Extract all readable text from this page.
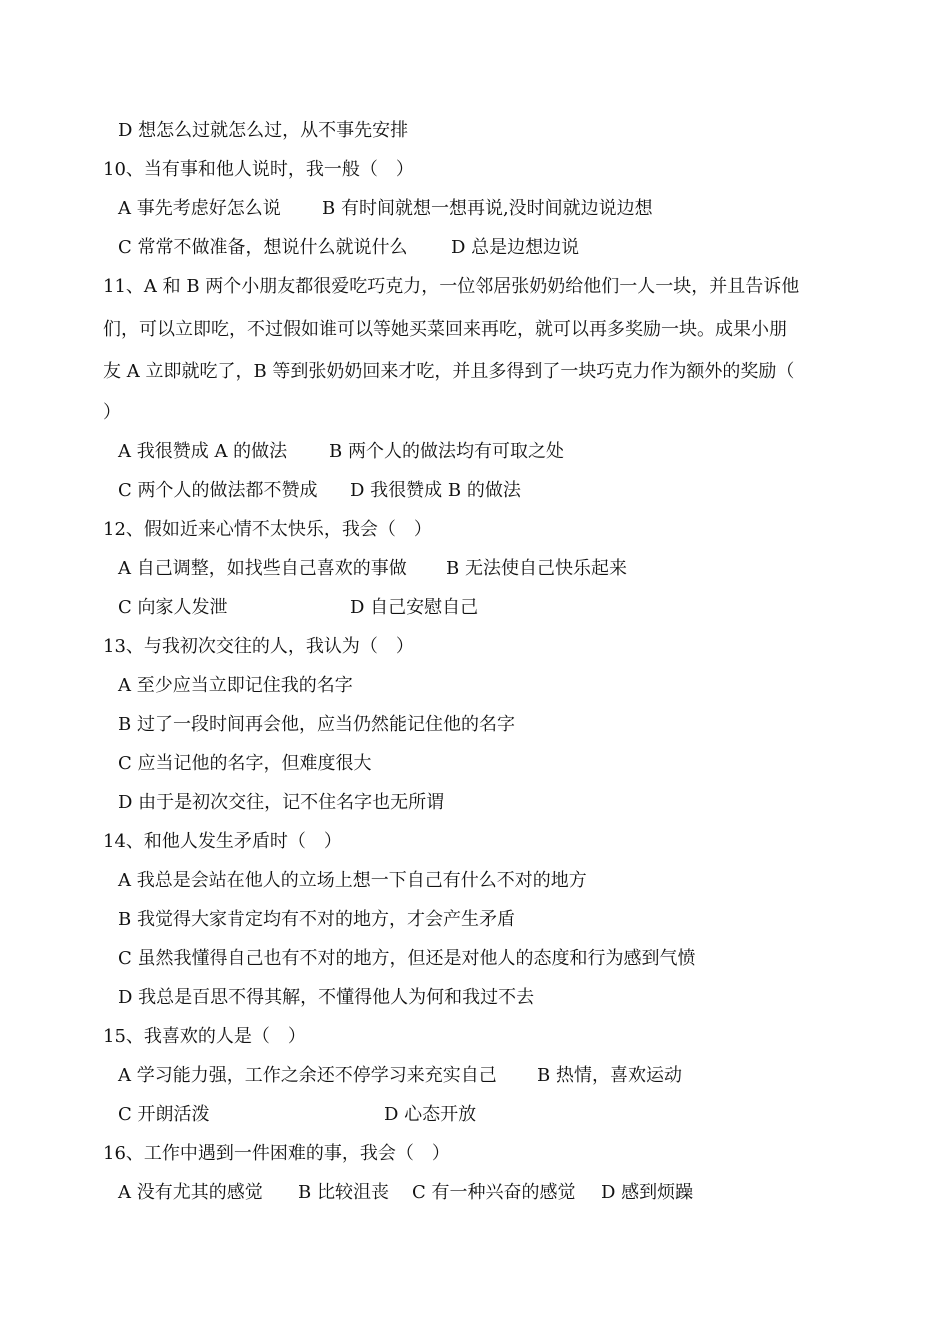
D 想怎么过就怎么过，从不事先安排
10、当有事和他人说时，我一般（　）
A 事先考虑好怎么说 B 有时间就想一想再说,没时间就边说边想
C 常常不做准备，想说什么就说什么 D 总是边想边说
11、A 和 B 两个小朋友都很爱吃巧克力，一位邻居张奶奶给他们一人一块，并且告诉他
们，可以立即吃，不过假如谁可以等她买菜回来再吃，就可以再多奖励一块。成果小朋
友 A 立即就吃了，B 等到张奶奶回来才吃，并且多得到了一块巧克力作为额外的奖励（
）
A 我很赞成 A 的做法 B 两个人的做法均有可取之处
C 两个人的做法都不赞成 D 我很赞成 B 的做法
12、假如近来心情不太快乐，我会（　）
A 自己调整，如找些自己喜欢的事做 B 无法使自己快乐起来
C 向家人发泄	D 自己安慰自己
13、与我初次交往的人，我认为（　）
A 至少应当立即记住我的名字
B 过了一段时间再会他，应当仍然能记住他的名字
C 应当记他的名字，但难度很大
D 由于是初次交往，记不住名字也无所谓
14、和他人发生矛盾时（　）
A 我总是会站在他人的立场上想一下自己有什么不对的地方
B 我觉得大家肯定均有不对的地方，才会产生矛盾
C 虽然我懂得自己也有不对的地方，但还是对他人的态度和行为感到气愤
D 我总是百思不得其解，不懂得他人为何和我过不去
15、我喜欢的人是（　）
A 学习能力强，工作之余还不停学习来充实自己 B 热情，喜欢运动
C 开朗活泼	D 心态开放
16、工作中遇到一件困难的事，我会（　）
A 没有尤其的感觉 B 比较沮丧 C 有一种兴奋的感觉 D 感到烦躁
